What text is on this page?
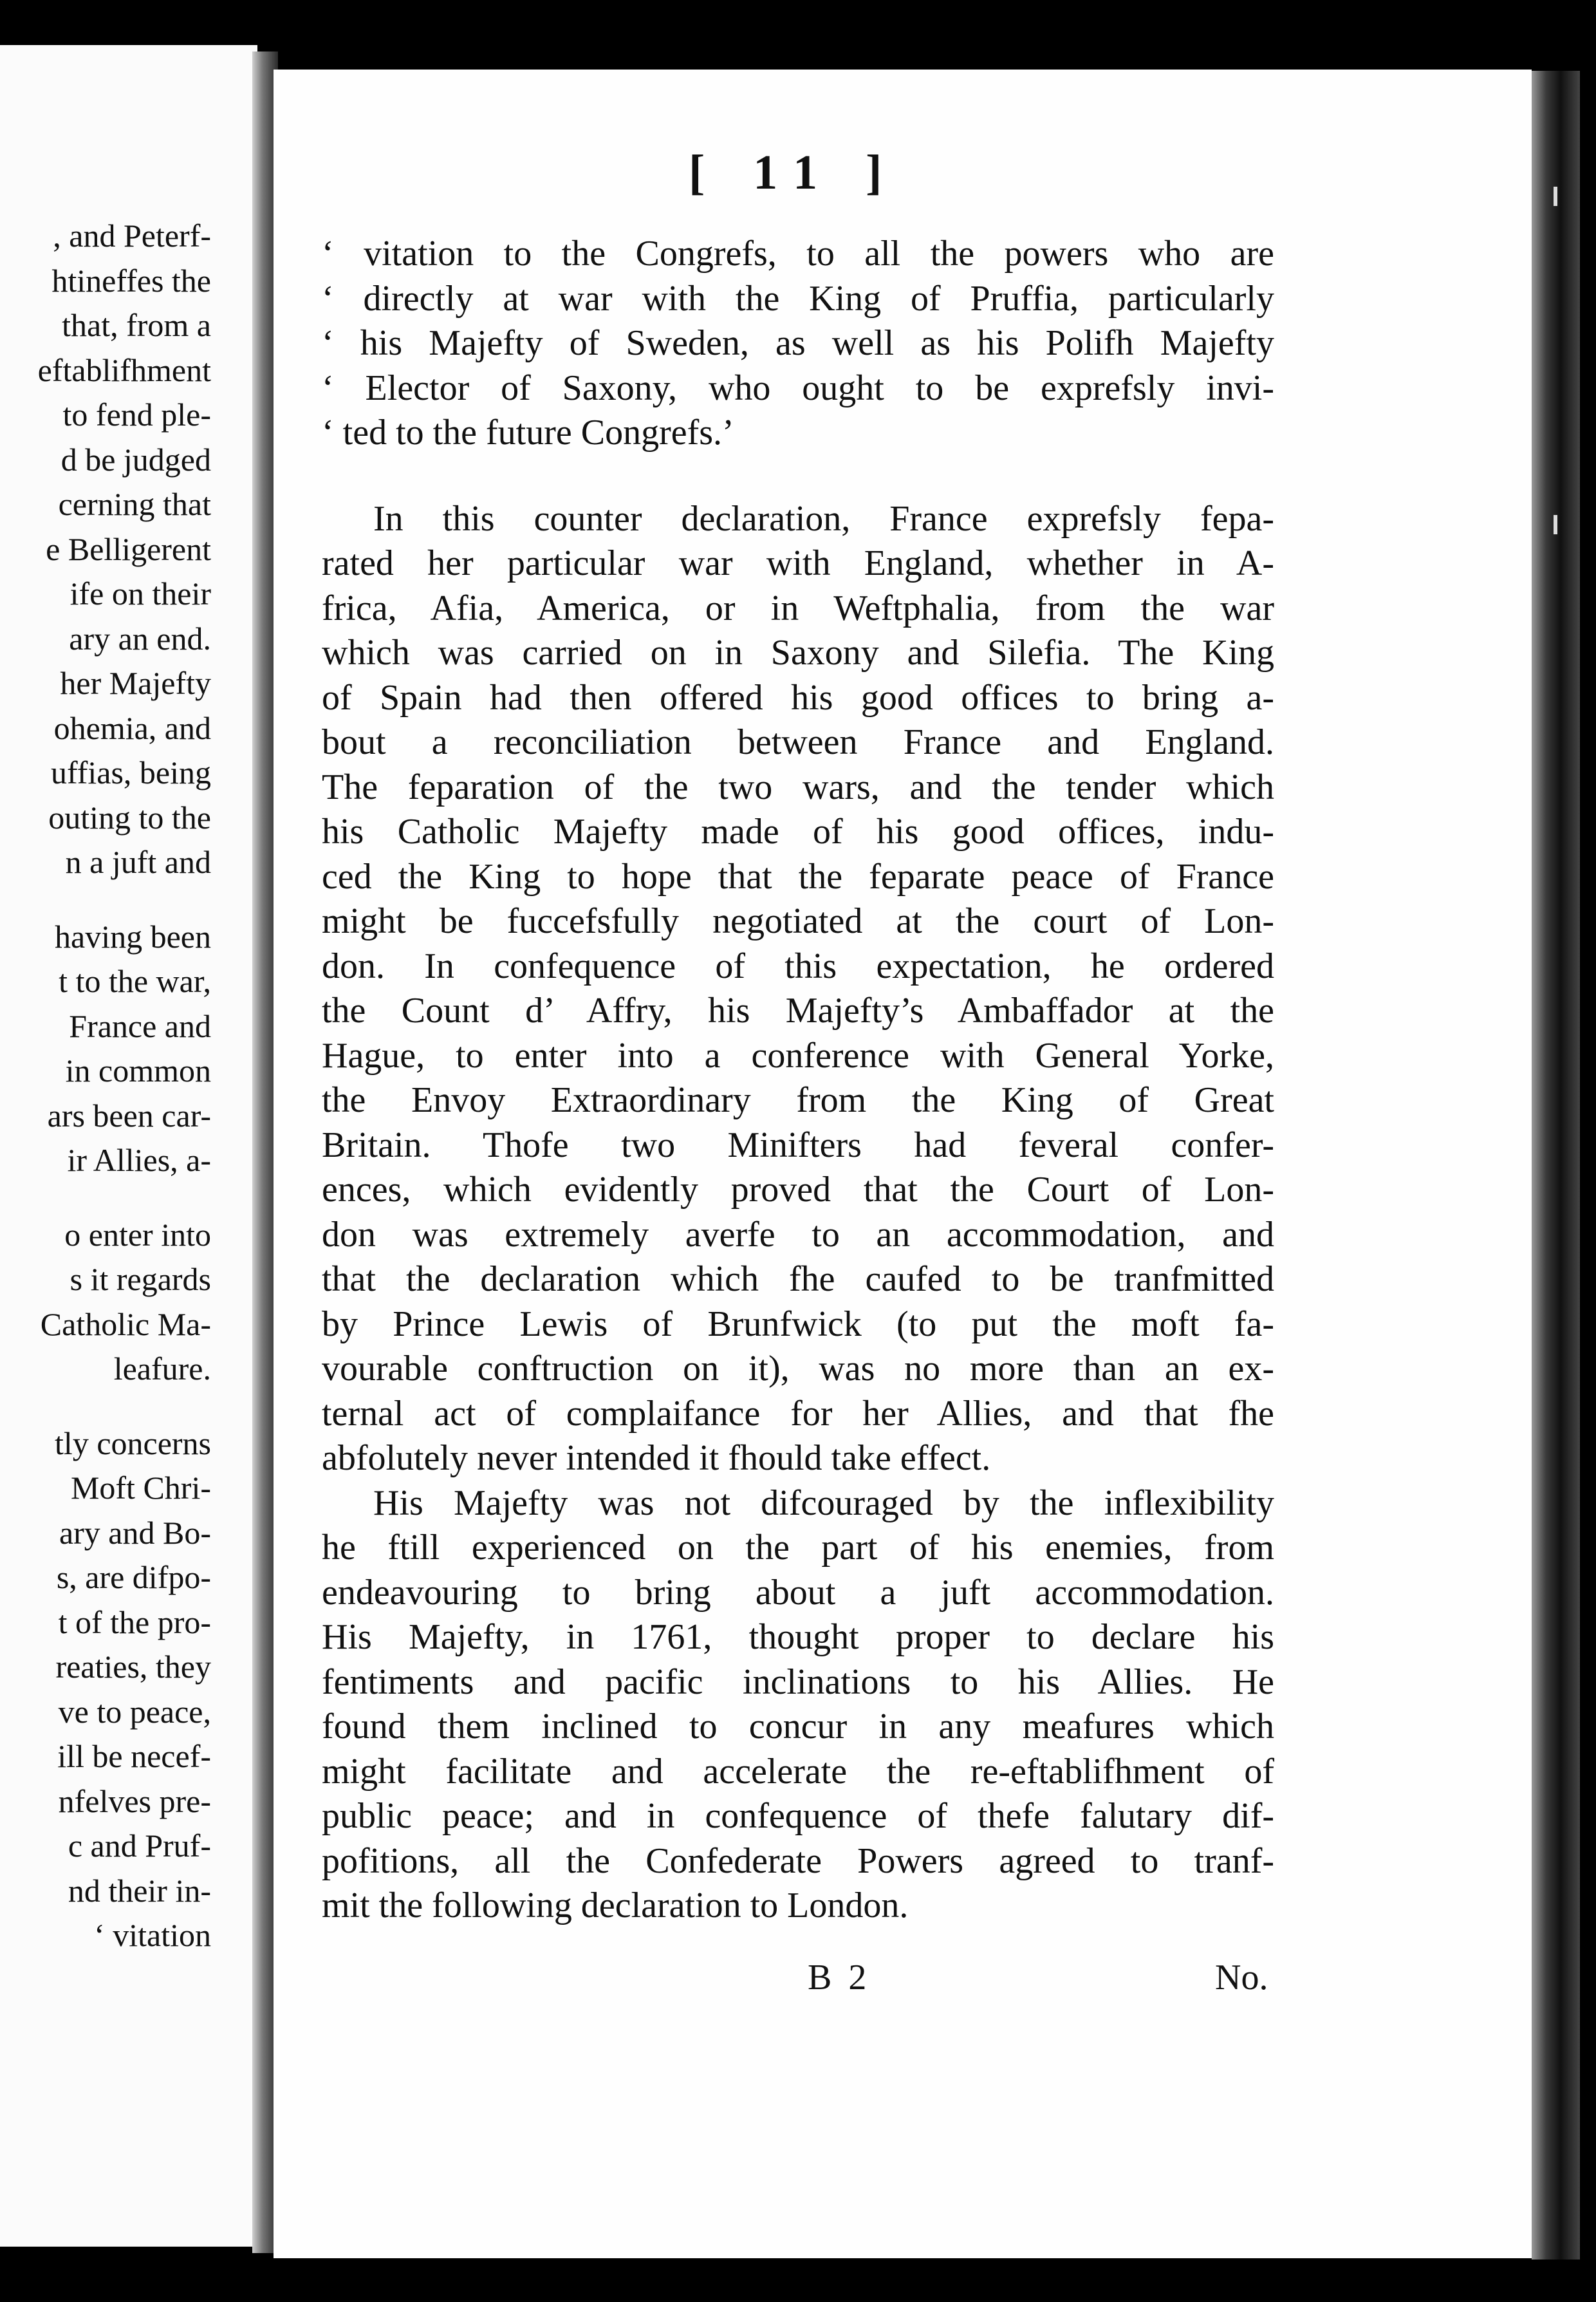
, and Peterf-
htineffes the
that, from a
eftablifhment
to fend ple-
d be judged
cerning that
e Belligerent
ife on their
ary an end.
her Majefty
ohemia, and
uffias, being
outing to the
n a juft and
having been
t to the war,
France and
in common
ars been car-
ir Allies, a-
o enter into
s it regards
Catholic Ma-
leafure.
tly concerns
Moft Chri-
ary and Bo-
s, are difpo-
t of the pro-
reaties, they
ve to peace,
ill be necef-
nfelves pre-
c and Pruf-
nd their in-
‘ vitation
[ 11 ]
‘ vitation to the Congrefs, to all the powers who are
‘ directly at war with the King of Pruffia, particularly
‘ his Majefty of Sweden, as well as his Polifh Majefty
‘ Elector of Saxony, who ought to be exprefsly invi-
‘ ted to the future Congrefs.’
In this counter declaration, France exprefsly fepa-
rated her particular war with England, whether in A-
frica, Afia, America, or in Weftphalia, from the war
which was carried on in Saxony and Silefia. The King
of Spain had then offered his good offices to bring a-
bout a reconciliation between France and England.
The feparation of the two wars, and the tender which
his Catholic Majefty made of his good offices, indu-
ced the King to hope that the feparate peace of France
might be fuccefsfully negotiated at the court of Lon-
don. In confequence of this expectation, he ordered
the Count d’ Affry, his Majefty’s Ambaffador at the
Hague, to enter into a conference with General Yorke,
the Envoy Extraordinary from the King of Great
Britain. Thofe two Minifters had feveral confer-
ences, which evidently proved that the Court of Lon-
don was extremely averfe to an accommodation, and
that the declaration which fhe caufed to be tranfmitted
by Prince Lewis of Brunfwick (to put the moft fa-
vourable conftruction on it), was no more than an ex-
ternal act of complaifance for her Allies, and that fhe
abfolutely never intended it fhould take effect.
His Majefty was not difcouraged by the inflexibility
he ftill experienced on the part of his enemies, from
endeavouring to bring about a juft accommodation.
His Majefty, in 1761, thought proper to declare his
fentiments and pacific inclinations to his Allies. He
found them inclined to concur in any meafures which
might facilitate and accelerate the re-eftablifhment of
public peace; and in confequence of thefe falutary dif-
pofitions, all the Confederate Powers agreed to tranf-
mit the following declaration to London.
B 2	No.
